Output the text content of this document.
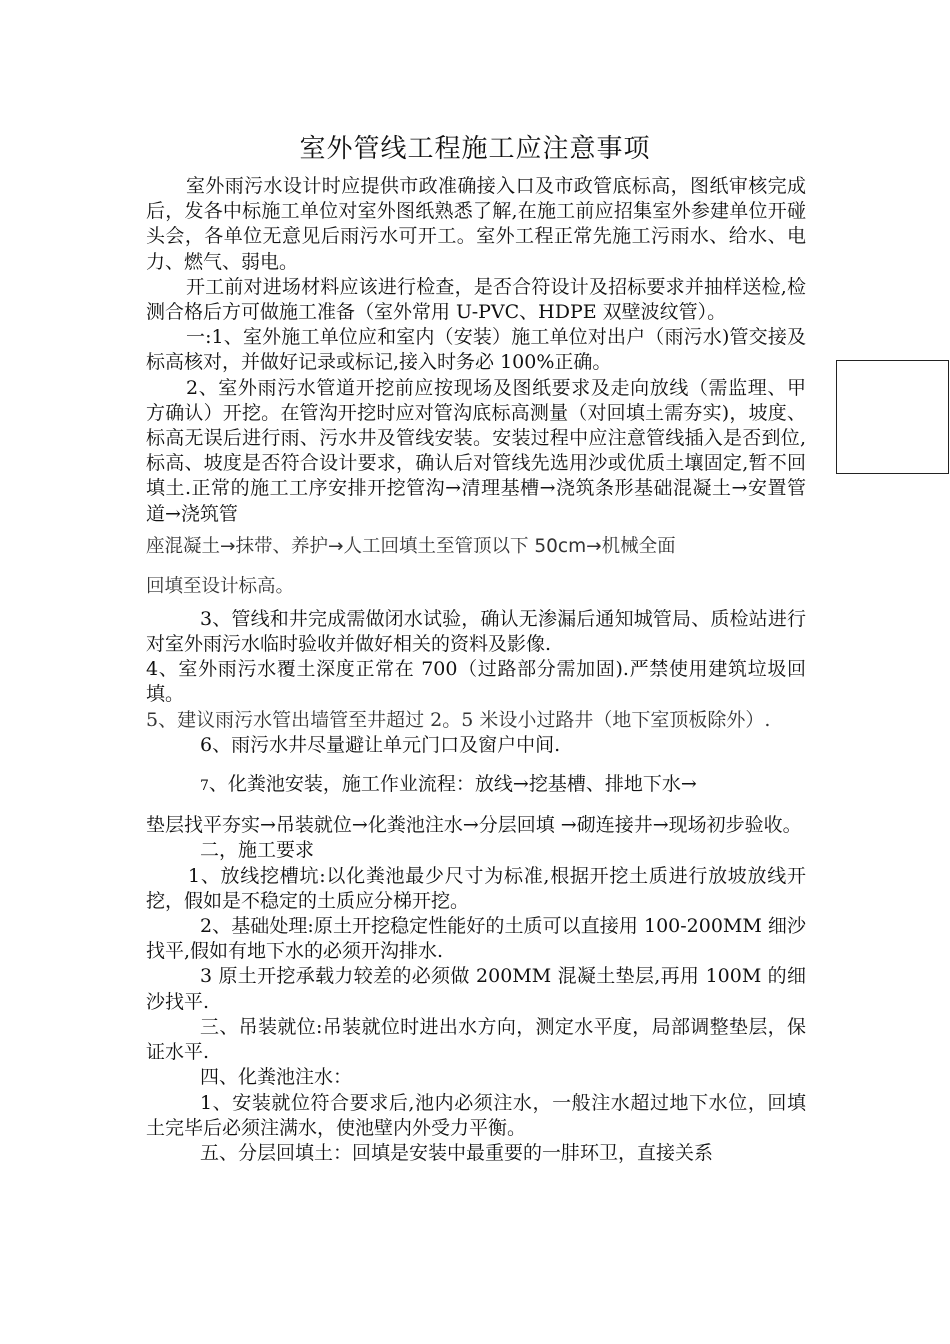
室外管线工程施工应注意事项

室外雨污水设计时应提供市政准确接入口及市政管底标高，图纸审核完成后，发各中标施工单位对室外图纸熟悉了解,在施工前应招集室外参建单位开碰头会，各单位无意见后雨污水可开工。室外工程正常先施工污雨水、给水、电力、燃气、弱电。

开工前对进场材料应该进行检查，是否合符设计及招标要求并抽样送检,检测合格后方可做施工准备（室外常用 U-PVC、HDPE 双壁波纹管）。

一:1、室外施工单位应和室内（安装）施工单位对出户（雨污水)管交接及标高核对，并做好记录或标记,接入时务必 100%正确。

2、室外雨污水管道开挖前应按现场及图纸要求及走向放线（需监理、甲方确认）开挖。在管沟开挖时应对管沟底标高测量（对回填土需夯实)，坡度、标高无误后进行雨、污水井及管线安装。安装过程中应注意管线插入是否到位,标高、坡度是否符合设计要求，确认后对管线先选用沙或优质土壤固定,暂不回填土.正常的施工工序安排开挖管沟→清理基槽→浇筑条形基础混凝土→安置管道→浇筑管

座混凝土→抹带、养护→人工回填土至管顶以下 50cm→机械全面

回填至设计标高。

3、管线和井完成需做闭水试验，确认无渗漏后通知城管局、质检站进行对室外雨污水临时验收并做好相关的资料及影像.

4、室外雨污水覆土深度正常在 700（过路部分需加固).严禁使用建筑垃圾回填。

5、建议雨污水管出墙管至井超过 2。5 米设小过路井（地下室顶板除外）.

6、雨污水井尽量避让单元门口及窗户中间.

7、化粪池安装，施工作业流程：放线→挖基槽、排地下水→

垫层找平夯实→吊装就位→化粪池注水→分层回填 →砌连接井→现场初步验收。

二，施工要求

1、放线挖槽坑:以化粪池最少尺寸为标准,根据开挖土质进行放坡放线开挖，假如是不稳定的土质应分梯开挖。

2、基础处理:原土开挖稳定性能好的土质可以直接用 100-200MM 细沙找平,假如有地下水的必须开沟排水.

3 原土开挖承载力较差的必须做 200MM 混凝土垫层,再用 100M 的细沙找平.

三、吊装就位:吊装就位时进出水方向，测定水平度，局部调整垫层，保证水平.

四、化粪池注水：

1、安装就位符合要求后,池内必须注水，一般注水超过地下水位，回填土完毕后必须注满水，使池壁内外受力平衡。

五、分层回填土：回填是安装中最重要的一肨环卫，直接关系
